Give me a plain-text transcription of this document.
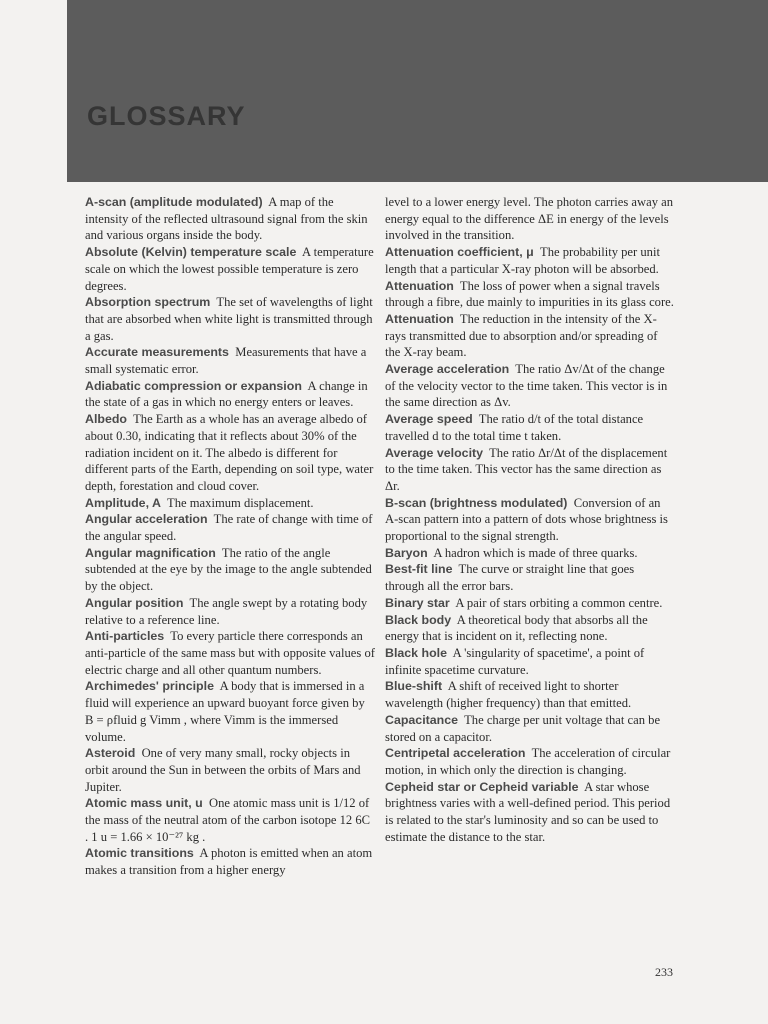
GLOSSARY

A-scan (amplitude modulated) A map of the intensity of the reflected ultrasound signal from the skin and various organs inside the body.

Absolute (Kelvin) temperature scale A temperature scale on which the lowest possible temperature is zero degrees.

Absorption spectrum The set of wavelengths of light that are absorbed when white light is transmitted through a gas.

Accurate measurements Measurements that have a small systematic error.

Adiabatic compression or expansion A change in the state of a gas in which no energy enters or leaves.

Albedo The Earth as a whole has an average albedo of about 0.30, indicating that it reflects about 30% of the radiation incident on it. The albedo is different for different parts of the Earth, depending on soil type, water depth, forestation and cloud cover.

Amplitude, A The maximum displacement.

Angular acceleration The rate of change with time of the angular speed.

Angular magnification The ratio of the angle subtended at the eye by the image to the angle subtended by the object.

Angular position The angle swept by a rotating body relative to a reference line.

Anti-particles To every particle there corresponds an anti-particle of the same mass but with opposite values of electric charge and all other quantum numbers.

Archimedes' principle A body that is immersed in a fluid will experience an upward buoyant force given by B = ρfluid g Vimm , where Vimm is the immersed volume.

Asteroid One of very many small, rocky objects in orbit around the Sun in between the orbits of Mars and Jupiter.

Atomic mass unit, u One atomic mass unit is 1/12 of the mass of the neutral atom of the carbon isotope 12 6C . 1 u = 1.66 × 10⁻²⁷ kg .

Atomic transitions A photon is emitted when an atom makes a transition from a higher energy

level to a lower energy level. The photon carries away an energy equal to the difference ΔE in energy of the levels involved in the transition.

Attenuation coefficient, μ The probability per unit length that a particular X-ray photon will be absorbed.

Attenuation The loss of power when a signal travels through a fibre, due mainly to impurities in its glass core.

Attenuation The reduction in the intensity of the X-rays transmitted due to absorption and/or spreading of the X-ray beam.

Average acceleration The ratio Δv/Δt of the change of the velocity vector to the time taken. This vector is in the same direction as Δv.

Average speed The ratio d/t of the total distance travelled d to the total time t taken.

Average velocity The ratio Δr/Δt of the displacement to the time taken. This vector has the same direction as Δr.

B-scan (brightness modulated) Conversion of an A-scan pattern into a pattern of dots whose brightness is proportional to the signal strength.

Baryon A hadron which is made of three quarks.

Best-fit line The curve or straight line that goes through all the error bars.

Binary star A pair of stars orbiting a common centre.

Black body A theoretical body that absorbs all the energy that is incident on it, reflecting none.

Black hole A 'singularity of spacetime', a point of infinite spacetime curvature.

Blue-shift A shift of received light to shorter wavelength (higher frequency) than that emitted.

Capacitance The charge per unit voltage that can be stored on a capacitor.

Centripetal acceleration The acceleration of circular motion, in which only the direction is changing.

Cepheid star or Cepheid variable A star whose brightness varies with a well-defined period. This period is related to the star's luminosity and so can be used to estimate the distance to the star.

233
